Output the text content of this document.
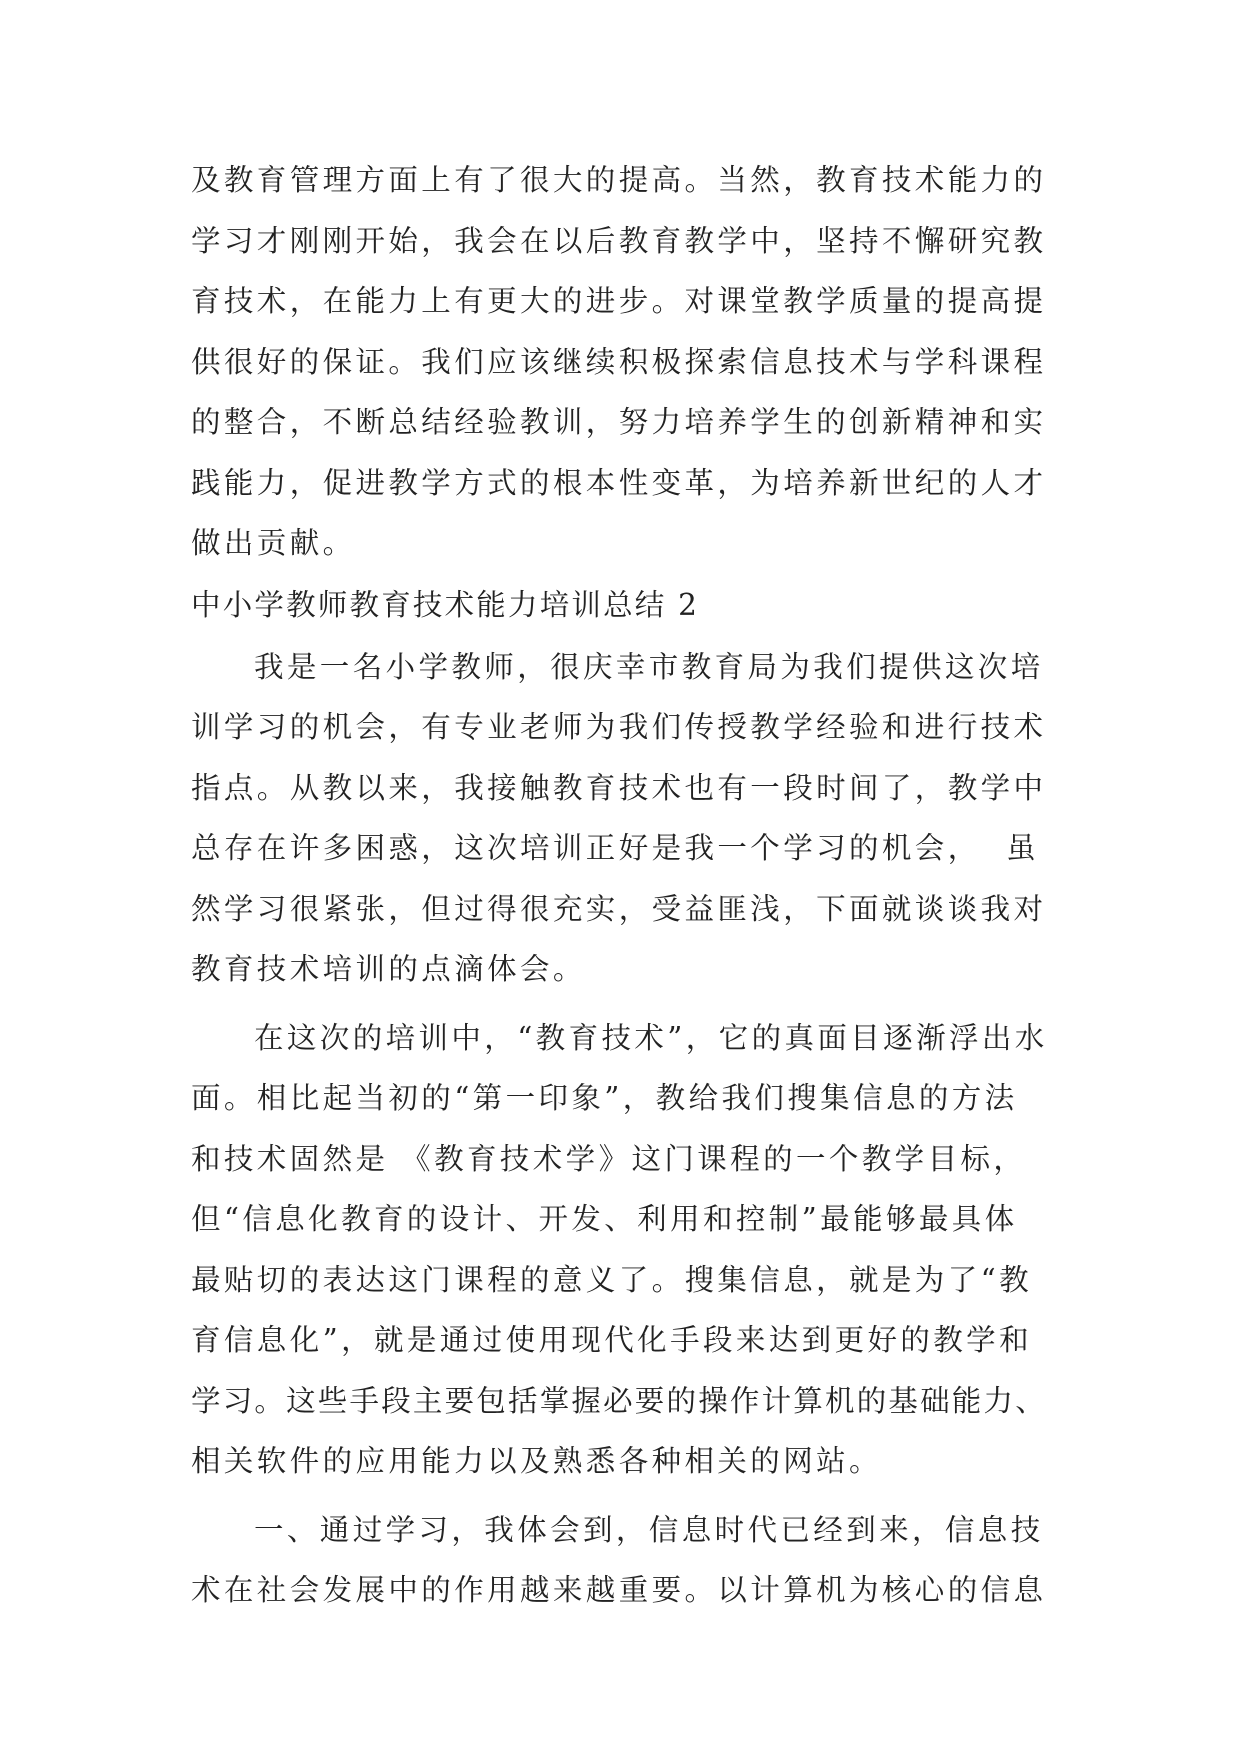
及教育管理方面上有了很大的提高。当然，教育技术能力的
学习才刚刚开始，我会在以后教育教学中，坚持不懈研究教
育技术，在能力上有更大的进步。对课堂教学质量的提高提
供很好的保证。我们应该继续积极探索信息技术与学科课程
的整合，不断总结经验教训，努力培养学生的创新精神和实
践能力，促进教学方式的根本性变革，为培养新世纪的人才
做出贡献。

中小学教师教育技术能力培训总结 2

我是一名小学教师，很庆幸市教育局为我们提供这次培
训学习的机会，有专业老师为我们传授教学经验和进行技术
指点。从教以来，我接触教育技术也有一段时间了，教学中
总存在许多困惑，这次培训正好是我一个学习的机会，  虽
然学习很紧张，但过得很充实，受益匪浅，下面就谈谈我对
教育技术培训的点滴体会。

在这次的培训中，“教育技术”，它的真面目逐渐浮出水
面。相比起当初的“第一印象”，教给我们搜集信息的方法
和技术固然是 《教育技术学》这门课程的一个教学目标，
但“信息化教育的设计、开发、利用和控制”最能够最具体
最贴切的表达这门课程的意义了。搜集信息，就是为了“教
育信息化”，就是通过使用现代化手段来达到更好的教学和
学习。这些手段主要包括掌握必要的操作计算机的基础能力、
相关软件的应用能力以及熟悉各种相关的网站。

一、通过学习，我体会到，信息时代已经到来，信息技
术在社会发展中的作用越来越重要。以计算机为核心的信息
